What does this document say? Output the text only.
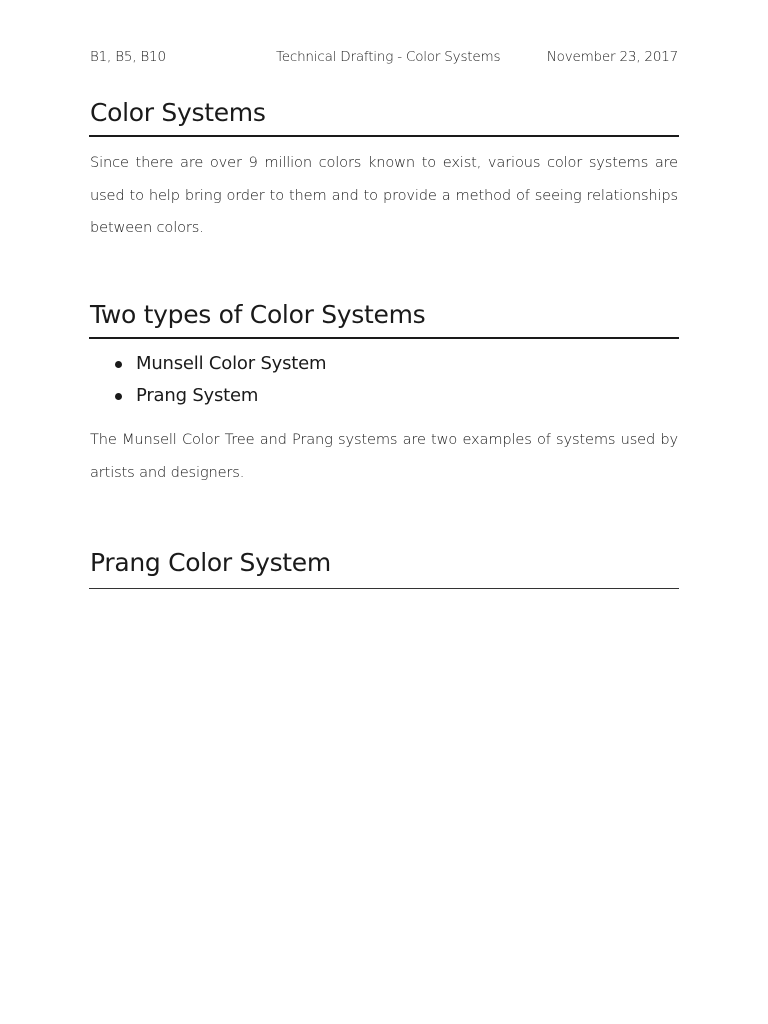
B1, B5, B10	Technical Drafting - Color Systems	November 23, 2017
Color Systems

Since there are over 9 million colors known to exist, various color systems are used to help bring order to them and to provide a method of seeing relationships between colors.

Two types of Color Systems
Munsell Color System
Prang System

The Munsell Color Tree and Prang systems are two examples of systems used by artists and designers.

Prang Color System
